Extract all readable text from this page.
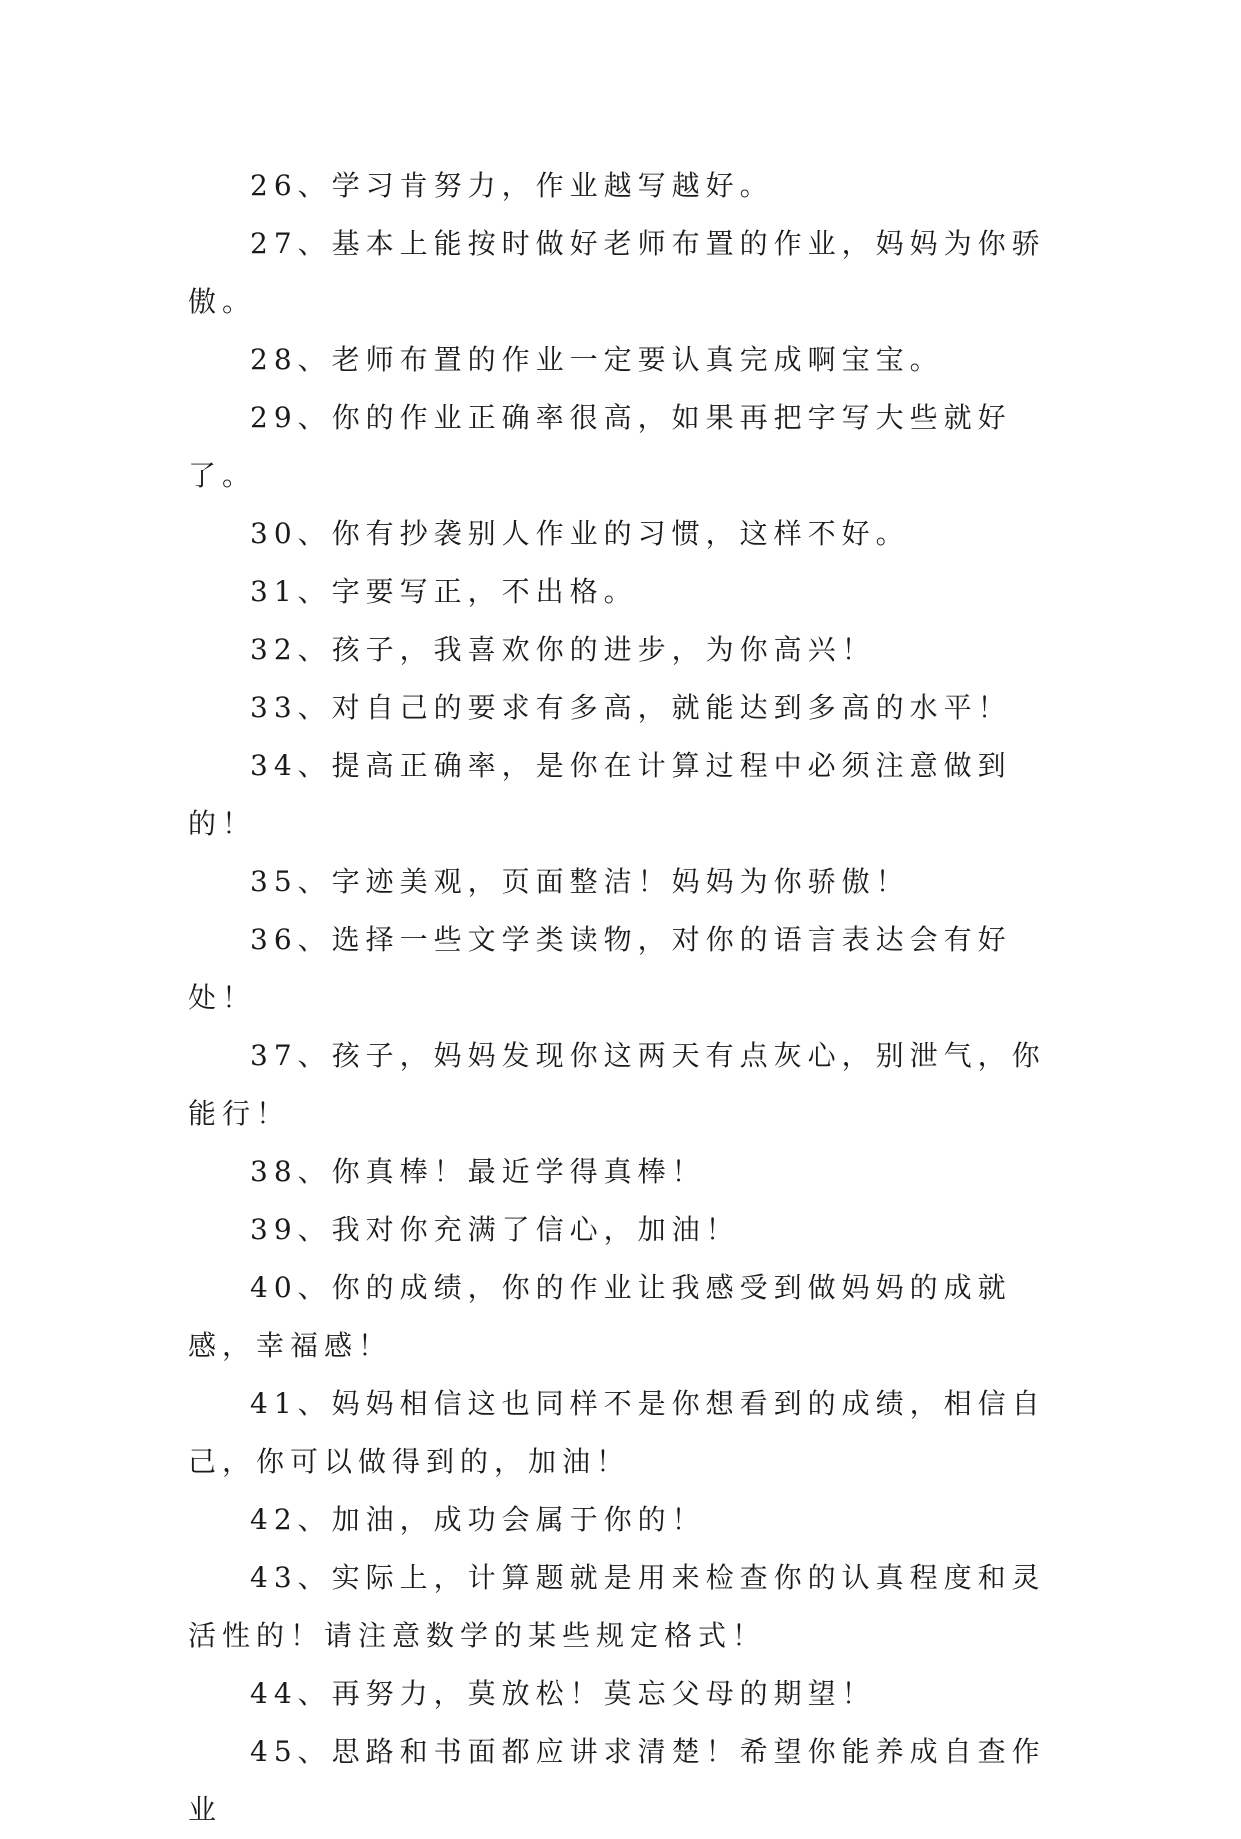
26、学习肯努力，作业越写越好。

27、基本上能按时做好老师布置的作业，妈妈为你骄傲。

28、老师布置的作业一定要认真完成啊宝宝。

29、你的作业正确率很高，如果再把字写大些就好了。

30、你有抄袭别人作业的习惯，这样不好。

31、字要写正，不出格。

32、孩子，我喜欢你的进步，为你高兴！

33、对自己的要求有多高，就能达到多高的水平！

34、提高正确率，是你在计算过程中必须注意做到的！

35、字迹美观，页面整洁！妈妈为你骄傲！

36、选择一些文学类读物，对你的语言表达会有好处！

37、孩子，妈妈发现你这两天有点灰心，别泄气，你能行！

38、你真棒！最近学得真棒！

39、我对你充满了信心，加油！

40、你的成绩，你的作业让我感受到做妈妈的成就感，幸福感！

41、妈妈相信这也同样不是你想看到的成绩，相信自己，你可以做得到的，加油！

42、加油，成功会属于你的！

43、实际上，计算题就是用来检查你的认真程度和灵活性的！请注意数学的某些规定格式！

44、再努力，莫放松！莫忘父母的期望！

45、思路和书面都应讲求清楚！希望你能养成自查作业
